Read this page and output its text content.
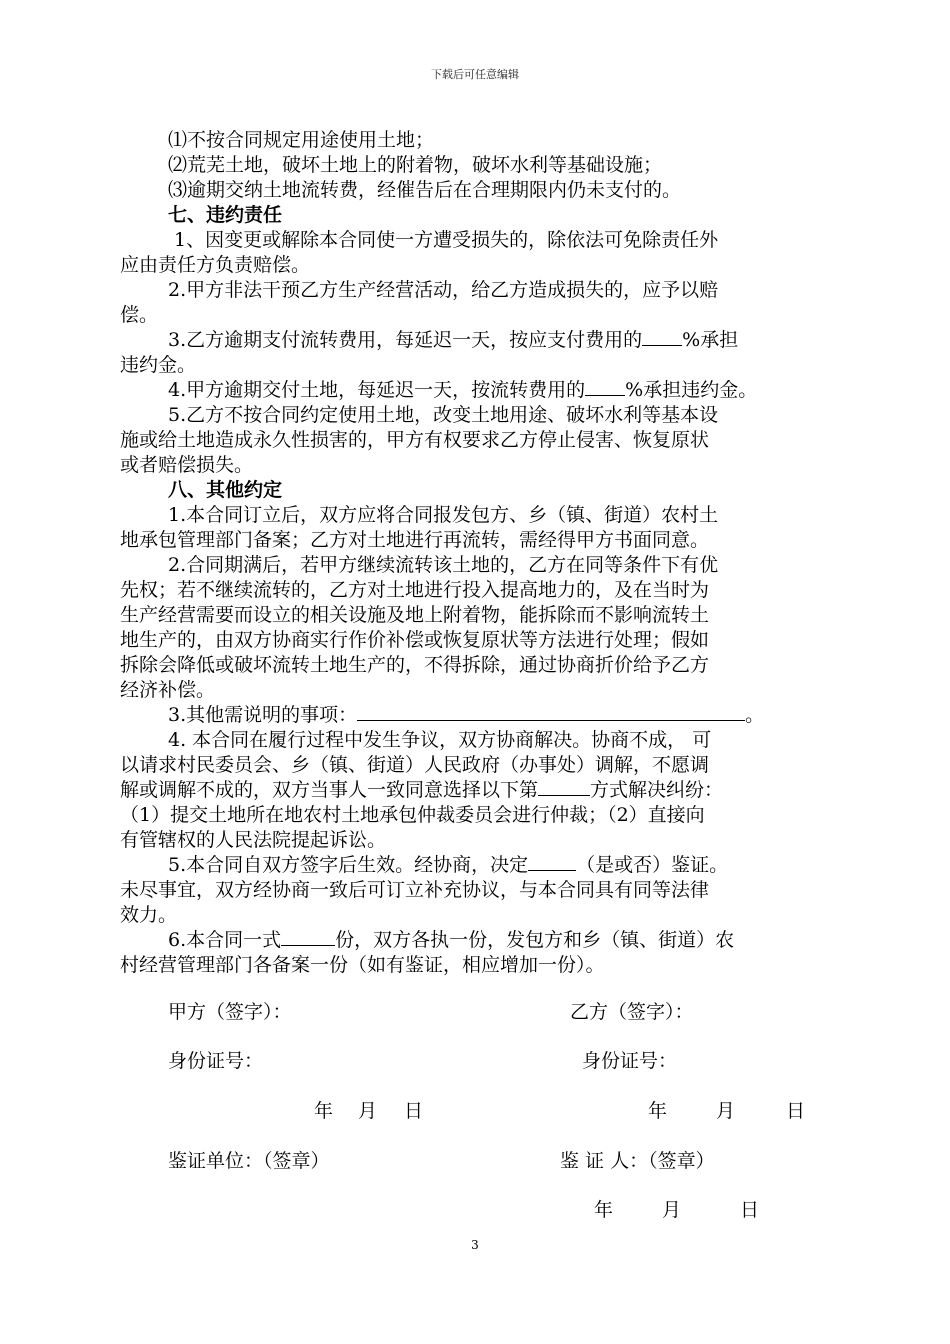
下载后可任意编辑
⑴不按合同规定用途使用土地；
⑵荒芜土地，破坏土地上的附着物，破坏水利等基础设施；
⑶逾期交纳土地流转费，经催告后在合理期限内仍未支付的。
七、违约责任
1、因变更或解除本合同使一方遭受损失的，除依法可免除责任外
应由责任方负责赔偿。
2.甲方非法干预乙方生产经营活动，给乙方造成损失的，应予以赔
偿。
3.乙方逾期支付流转费用，每延迟一天，按应支付费用的 %承担
违约金。
4.甲方逾期交付土地，每延迟一天，按流转费用的 %承担违约金。
5.乙方不按合同约定使用土地，改变土地用途、破坏水利等基本设
施或给土地造成永久性损害的，甲方有权要求乙方停止侵害、恢复原状
或者赔偿损失。
八、其他约定
1.本合同订立后，双方应将合同报发包方、乡（镇、街道）农村土
地承包管理部门备案；乙方对土地进行再流转，需经得甲方书面同意。
2.合同期满后，若甲方继续流转该土地的，乙方在同等条件下有优
先权；若不继续流转的，乙方对土地进行投入提高地力的，及在当时为
生产经营需要而设立的相关设施及地上附着物，能拆除而不影响流转土
地生产的，由双方协商实行作价补偿或恢复原状等方法进行处理；假如
拆除会降低或破坏流转土地生产的，不得拆除，通过协商折价给予乙方
经济补偿。
3.其他需说明的事项：	。
4. 本合同在履行过程中发生争议，双方协商解决。协商不成， 可
以请求村民委员会、乡（镇、街道）人民政府（办事处）调解，不愿调
解或调解不成的，双方当事人一致同意选择以下第	方式解决纠纷：
（1）提交土地所在地农村土地承包仲裁委员会进行仲裁；（2）直接向
有管辖权的人民法院提起诉讼。
5.本合同自双方签字后生效。经协商，决定	（是或否）鉴证。
未尽事宜，双方经协商一致后可订立补充协议，与本合同具有同等法律
效力。
6.本合同一式	份，双方各执一份，发包方和乡（镇、街道）农
村经营管理部门各备案一份（如有鉴证，相应增加一份）。
甲方（签字）：	乙方（签字）：
身份证号：	身份证号：
年 月 日	年	月	日
鉴证单位：（签章）	鉴 证 人：（签章）
年	月	日
3
